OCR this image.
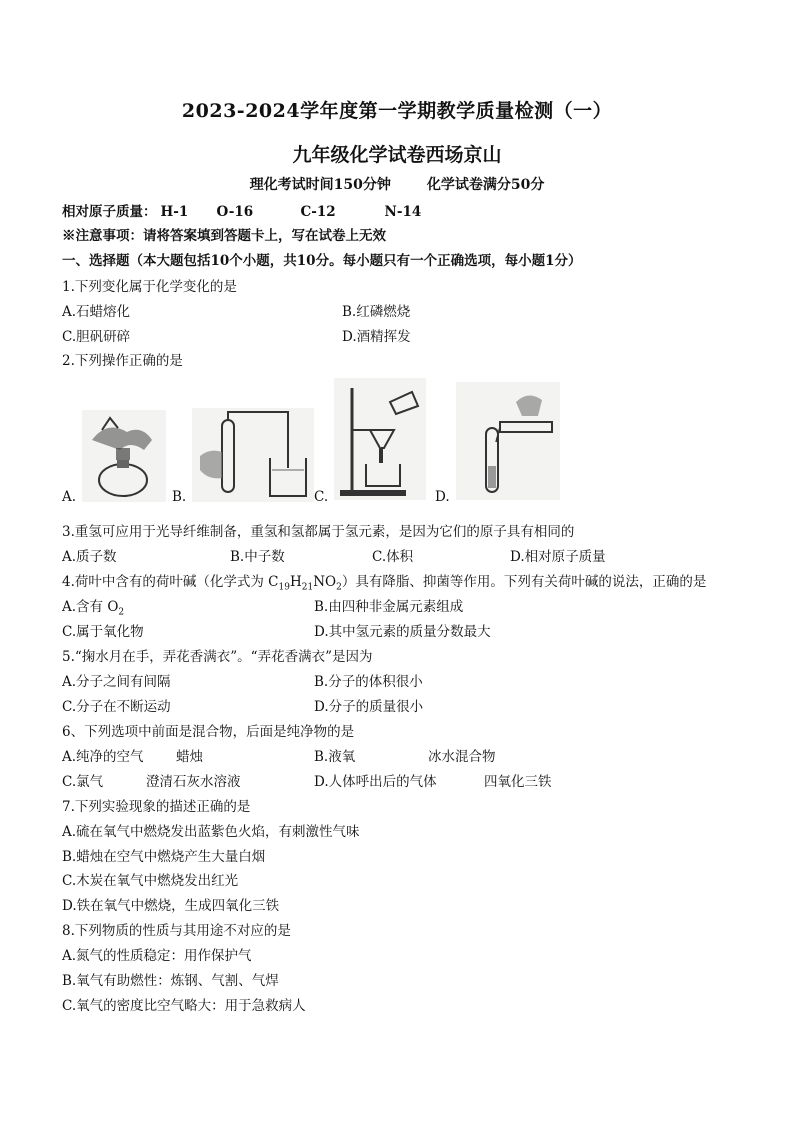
2023-2024学年度第一学期教学质量检测（一）
九年级化学试卷西场京山
理化考试时间150分钟	化学试卷满分50分
相对原子质量： H-1 O-16	C-12	N-14
※注意事项：请将答案填到答题卡上，写在试卷上无效
一、选择题（本大题包括10个小题，共10分。每小题只有一个正确选项，每小题1分）
1.下列变化属于化学变化的是
A.石蜡熔化	B.红磷燃烧
C.胆矾研碎	D.酒精挥发
2.下列操作正确的是
A.	B.	C.	D.
3.重氢可应用于光导纤维制备，重氢和氢都属于氢元素，是因为它们的原子具有相同的
A.质子数	B.中子数	C.体积	D.相对原子质量
4.荷叶中含有的荷叶碱（化学式为 $C_{19}H_{21}NO_2$）具有降脂、抑菌等作用。下列有关荷叶碱的说法，正确的是
A.含有 $O_2$	B.由四种非金属元素组成
C.属于氧化物	D.其中氢元素的质量分数最大
5.“掬水月在手，弄花香满衣”。“弄花香满衣”是因为
A.分子之间有间隔	B.分子的体积很小
C.分子在不断运动	D.分子的质量很小
6、下列选项中前面是混合物，后面是纯净物的是
A.纯净的空气 蜡烛	B.液氧	冰水混合物
C.氯气	澄清石灰水溶液	D.人体呼出后的气体	四氧化三铁
7.下列实验现象的描述正确的是
A.硫在氧气中燃烧发出蓝紫色火焰，有刺激性气味
B.蜡烛在空气中燃烧产生大量白烟
C.木炭在氧气中燃烧发出红光
D.铁在氧气中燃烧，生成四氧化三铁
8.下列物质的性质与其用途不对应的是
A.氮气的性质稳定：用作保护气
B.氧气有助燃性：炼钢、气割、气焊
C.氧气的密度比空气略大：用于急救病人
